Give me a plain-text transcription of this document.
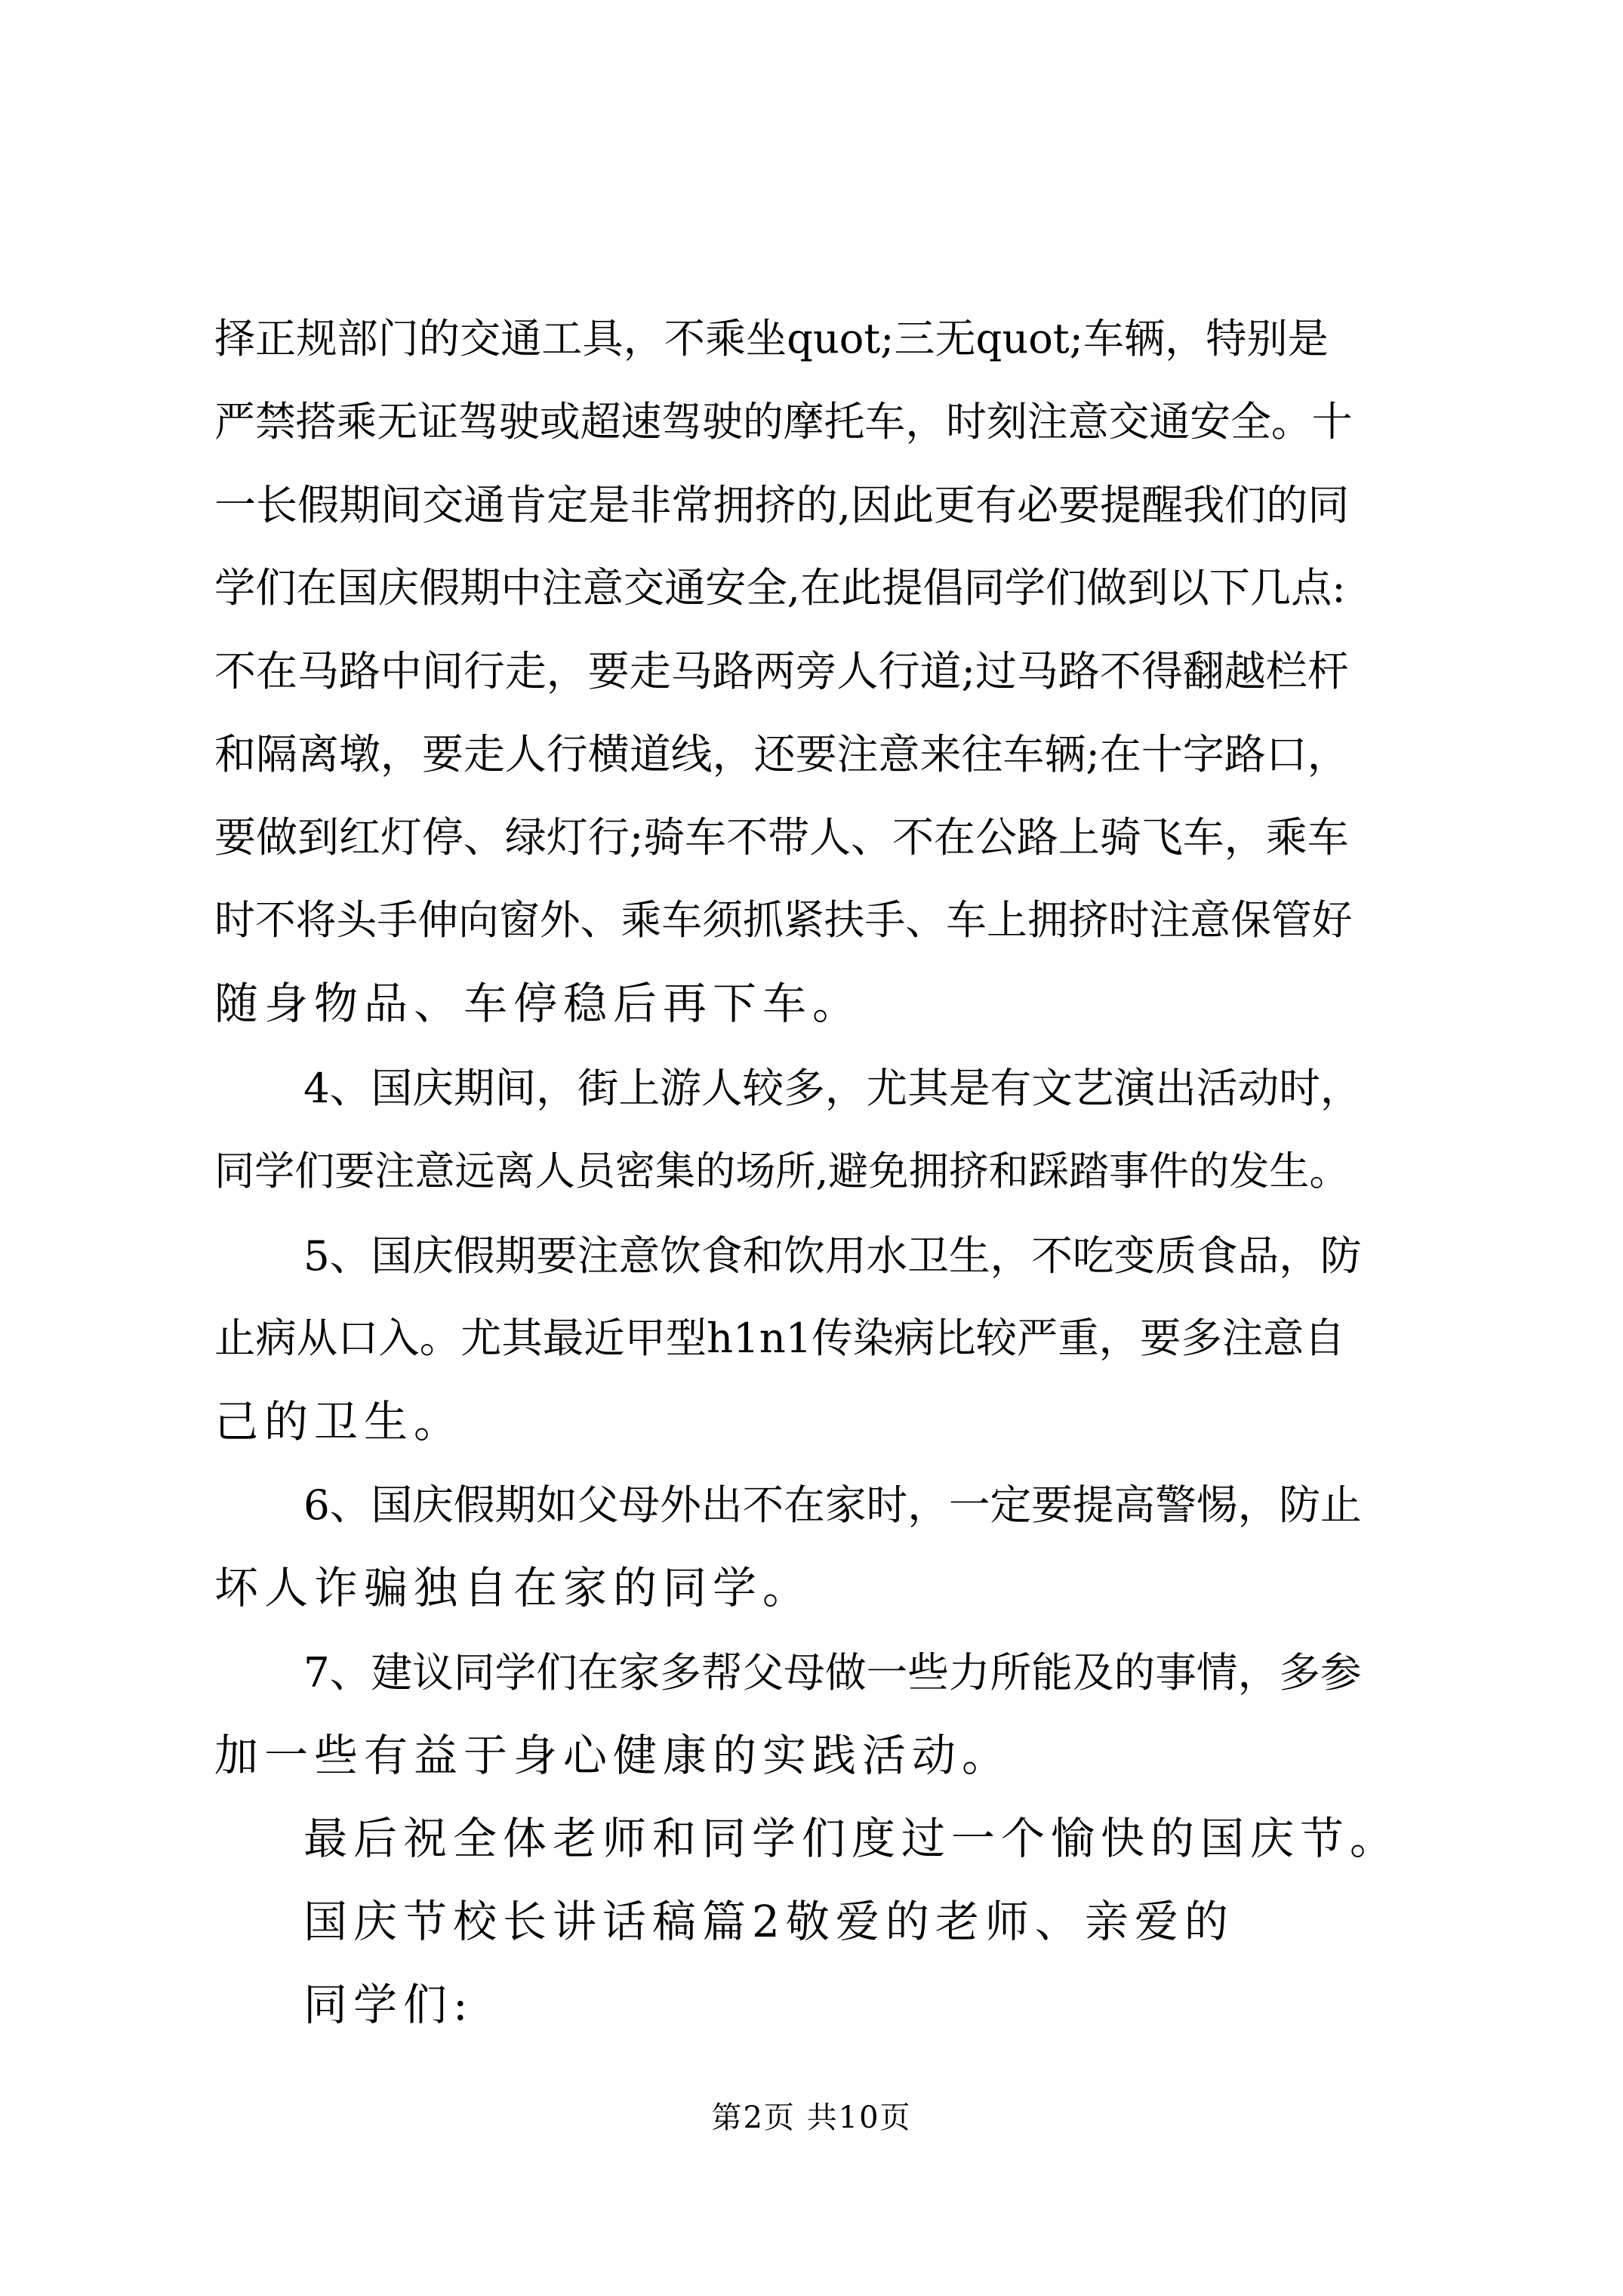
择正规部门的交通工具，不乘坐quot;三无quot;车辆，特别是
严禁搭乘无证驾驶或超速驾驶的摩托车，时刻注意交通安全。十
一长假期间交通肯定是非常拥挤的,因此更有必要提醒我们的同
学们在国庆假期中注意交通安全,在此提倡同学们做到以下几点:
不在马路中间行走，要走马路两旁人行道;过马路不得翻越栏杆
和隔离墩，要走人行横道线，还要注意来往车辆;在十字路口，
要做到红灯停、绿灯行;骑车不带人、不在公路上骑飞车，乘车
时不将头手伸向窗外、乘车须抓紧扶手、车上拥挤时注意保管好
随身物品、车停稳后再下车。
4、国庆期间，街上游人较多，尤其是有文艺演出活动时，
同学们要注意远离人员密集的场所,避免拥挤和踩踏事件的发生。
5、国庆假期要注意饮食和饮用水卫生，不吃变质食品，防
止病从口入。尤其最近甲型h1n1传染病比较严重，要多注意自
己的卫生。
6、国庆假期如父母外出不在家时，一定要提高警惕，防止
坏人诈骗独自在家的同学。
7、建议同学们在家多帮父母做一些力所能及的事情，多参
加一些有益于身心健康的实践活动。
最后祝全体老师和同学们度过一个愉快的国庆节。
国庆节校长讲话稿篇2敬爱的老师、亲爱的
同学们:
第2页 共10页
